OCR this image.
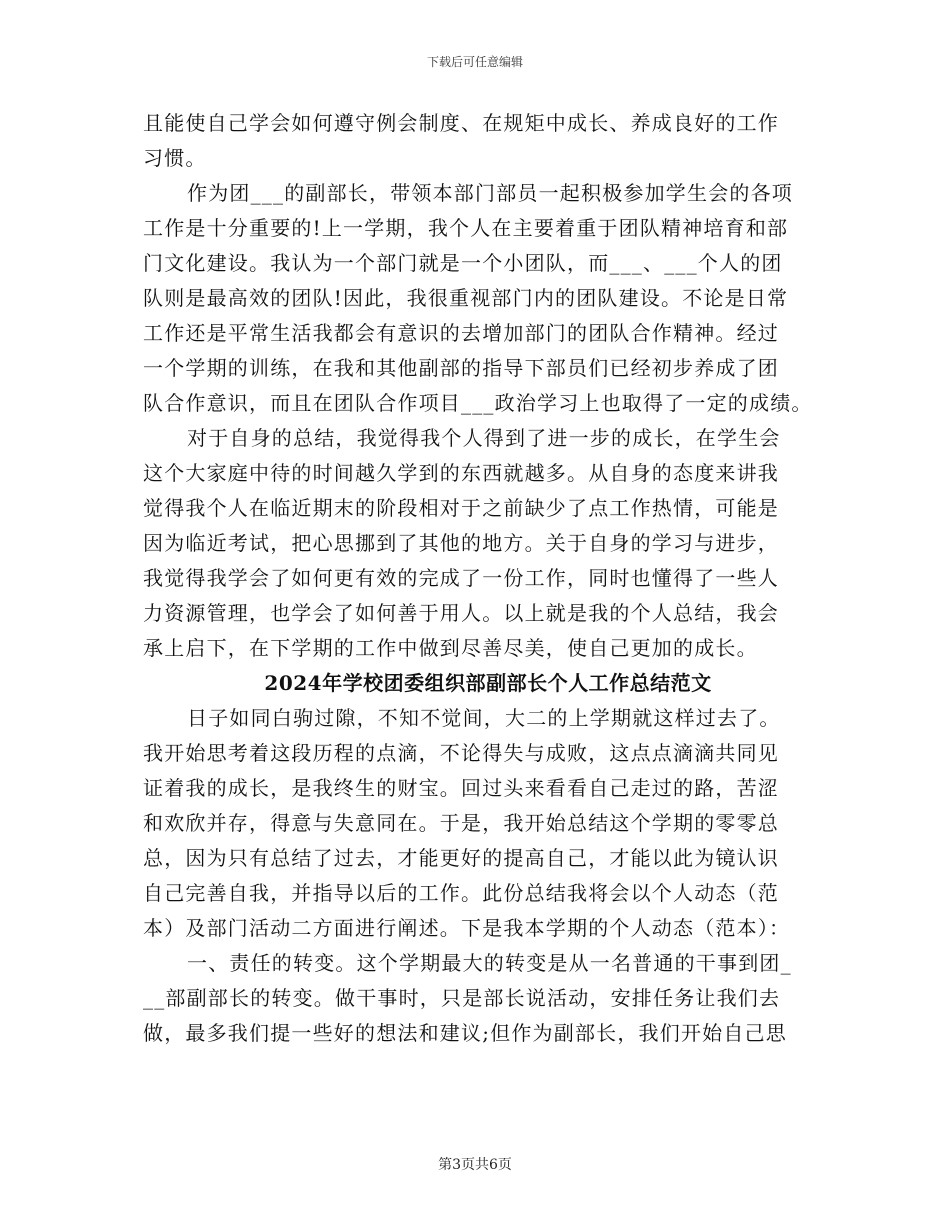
下载后可任意编辑
且能使自己学会如何遵守例会制度、在规矩中成长、养成良好的工作
习惯。
作为团___的副部长，带领本部门部员一起积极参加学生会的各项
工作是十分重要的!上一学期，我个人在主要着重于团队精神培育和部
门文化建设。我认为一个部门就是一个小团队，而___、___个人的团
队则是最高效的团队!因此，我很重视部门内的团队建设。不论是日常
工作还是平常生活我都会有意识的去增加部门的团队合作精神。经过
一个学期的训练，在我和其他副部的指导下部员们已经初步养成了团
队合作意识，而且在团队合作项目___政治学习上也取得了一定的成绩。
对于自身的总结，我觉得我个人得到了进一步的成长，在学生会
这个大家庭中待的时间越久学到的东西就越多。从自身的态度来讲我
觉得我个人在临近期末的阶段相对于之前缺少了点工作热情，可能是
因为临近考试，把心思挪到了其他的地方。关于自身的学习与进步，
我觉得我学会了如何更有效的完成了一份工作，同时也懂得了一些人
力资源管理，也学会了如何善于用人。以上就是我的个人总结，我会
承上启下，在下学期的工作中做到尽善尽美，使自己更加的成长。
2024年学校团委组织部副部长个人工作总结范文
日子如同白驹过隙，不知不觉间，大二的上学期就这样过去了。
我开始思考着这段历程的点滴，不论得失与成败，这点点滴滴共同见
证着我的成长，是我终生的财宝。回过头来看看自己走过的路，苦涩
和欢欣并存，得意与失意同在。于是，我开始总结这个学期的零零总
总，因为只有总结了过去，才能更好的提高自己，才能以此为镜认识
自己完善自我，并指导以后的工作。此份总结我将会以个人动态（范
本）及部门活动二方面进行阐述。下是我本学期的个人动态（范本）：
一、责任的转变。这个学期最大的转变是从一名普通的干事到团_
__部副部长的转变。做干事时，只是部长说活动，安排任务让我们去
做，最多我们提一些好的想法和建议;但作为副部长，我们开始自己思
第3页共6页
